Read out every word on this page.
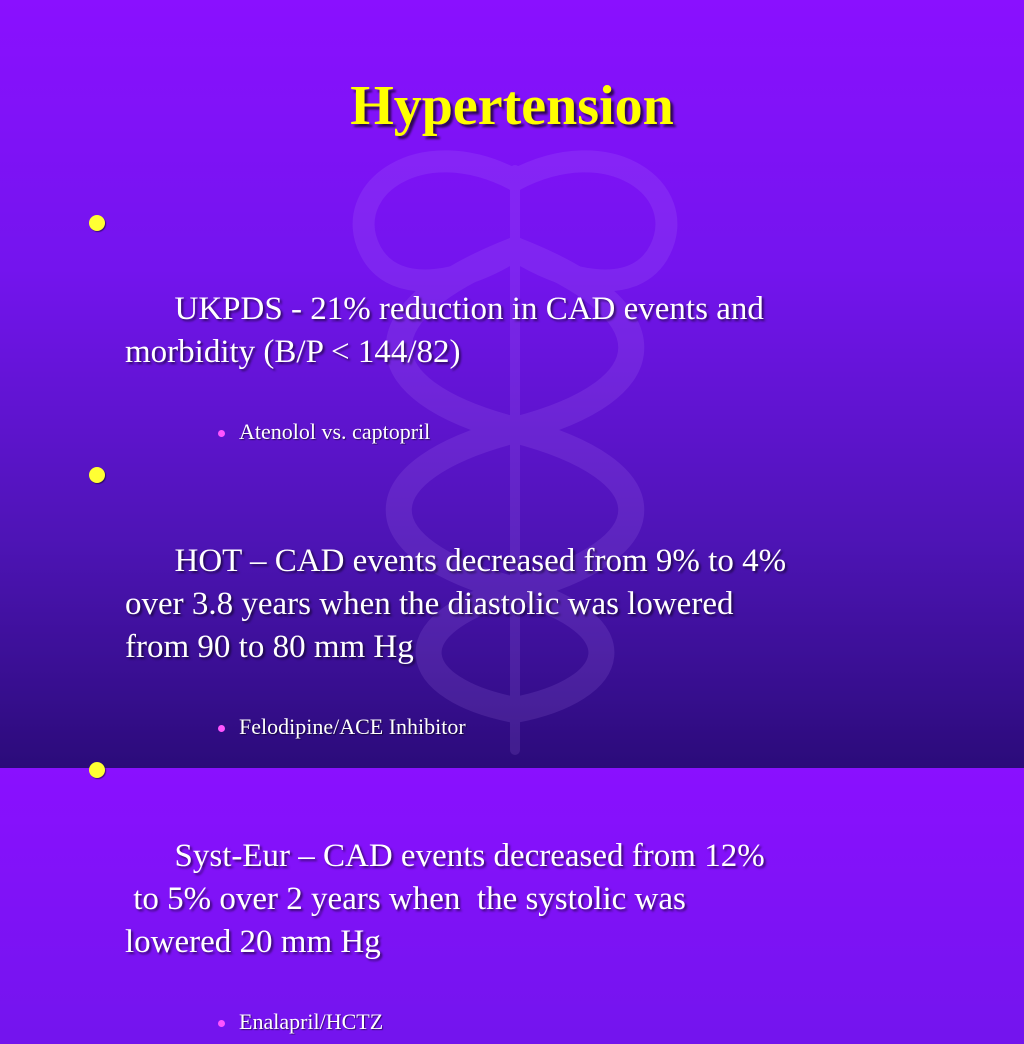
Hypertension

UKPDS - 21% reduction in CAD events and
morbidity (B/P < 144/82)

Atenolol vs. captopril

HOT – CAD events decreased from 9% to 4%
over 3.8 years when the diastolic was lowered
from 90 to 80 mm Hg

Felodipine/ACE Inhibitor

Syst-Eur – CAD events decreased from 12%
to 5% over 2 years when  the systolic was
lowered 20 mm Hg

Enalapril/HCTZ
